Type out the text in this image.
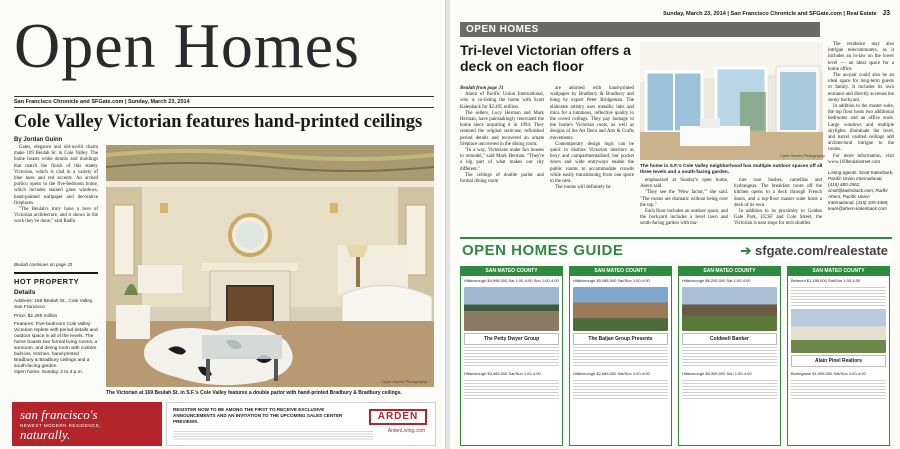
Open Homes
San Francisco Chronicle and SFGate.com | Sunday, March 23, 2014
Cole Valley Victorian features hand-printed ceilings
By Jordan Guinn

Gates, elegance and old-world charm make 169 Beulah St. in Cole Valley. The home boasts white dentils and moldings that match the finish of this stately Victorian, which is clad in a variety of blue hues and red accents. An arched portico opens to the five-bedroom home, which includes stained glass windows, hand-painted wallpaper and decorative fireplaces.

"The Beulah's truly have a love of Victorian architecture, and it shows in the work they've done," said Radhi

Beulah continues on page J3
HOT PROPERTY
Details
Address: 169 Beulah St., Cole Valley, San Francisco
Price: $2.495 million
Features: Five-bedroom Cole Valley Victorian replete with period details and outdoor space in all of the levels. The home boasts two formal living rooms, a sunroom, and dining room with custom built-ins. Kitchen, hand-printed Bradbury & Bradbury ceilings and a south-facing garden.
Open home: Sunday, 2 to 4 p.m.
Open Homes Photography
The Victorian at 169 Beulah St. in S.F.'s Cole Valley features a double parlor with hand-printed Bradbury & Bradbury ceilings.
san francisco's
NEWEST MODERN RESIDENCE,
naturally.
REGISTER NOW TO BE AMONG THE FIRST TO RECEIVE EXCLUSIVE ANNOUNCEMENTS AND AN INVITATION TO THE UPCOMING SALES CENTER PREVIEWS.	ARDEN
ArdenLiving.com
Sunday, March 23, 2014 | San Francisco Chronicle and SFGate.com | Real Estate J3
OPEN HOMES
Tri-level Victorian offers a deck on each floor
Beulah from page J1

Ahern of Pacific Union International, who is co-listing the home with Scott Kalenback for $2.495 million.

The sellers, Lucy Herman and Mark Herman, have painstakingly renovated the home since acquiring it in 1994. They restored the original staircase, refinished period details and recovered an ornate fireplace uncovered in the dining room.

"In a way, Victorians make fun houses to remodel," said Mark Herman. "They're a big part of what makes our city different."

The ceilings of double parlor and formal dining room

are adorned with hand-printed wallpaper by Bradbury & Bradbury and hung by expert Peter Bridgeman. The elaborate artistry uses metallic inks and mica for a luminous, reflective quality to the coved ceilings. They pay homage to the home's Victorian roots, as well as designs of the Art Deco and Arts & Crafts movements.

Contemporary design logic can be quick to dismiss Victorian interiors as boxy and compartmentalized, but pocket doors and wide entryways enable the public rooms to accommodate crowds while easily transitioning from one space to the next.

The rooms will definitely be

Open Homes Photography
The home in S.F.'s Cole Valley neighborhood has multiple outdoor spaces off all three levels and a south-facing garden.

emphasized at Sunday's open home, Ahern said.

"They see the 'Wow factor,'" she said. "The rooms are dramatic without being over the top."

Each floor includes an outdoor space, and the backyard includes a level lawn and south-facing garden with ma-

ture rose bushes, camellias and hydrangeas. The breakfast room off the kitchen opens to a deck through French doors, and a top-floor master suite hosts a deck of its own.

In addition to its proximity to Golden Gate Park, UCSF and Cole Street, the Victorian is near stops for tech shuttles.

The residence may also intrigue telecommuters, as it includes an in-law on the lower level — an ideal space for a home office.

The au-pair could also be an ideal space for long-term guests or family. It includes its own entrance and directly accesses the sunny backyard.

In addition to the master suite, the top floor hosts two additional bedrooms and an office nook. Large windows and multiple skylights illuminate the level, and barrel vaulted ceilings add architectural intrigue to the rooms.

For more information, visit www.169beulahstreet.com

Listing agents: Scott Kalenback, Pacific Union International, (415) 480-2562, scott@kalenback.com; Radhi Ahern, Pacific Union International, (415) 335-4485, team@ahern-kalenback.com
OPEN HOMES GUIDE	➔ sfgate.com/realestate
SAN MATEO COUNTY
Hillsborough $4,998,000 Sat 1:00-4:00 Sun 1:00-4:00
The Petty Dwyer Group
Hillsborough $3,985,000 Sat/Sun 1:00-4:00
SAN MATEO COUNTY
Hillsborough $5,088,000 Sat/Sun 1:00-4:00
The Baljan Group Presents
Hillsborough $2,685,000 Sat/Sun 1:00-4:00
SAN MATEO COUNTY
Hillsborough $6,295,000 Sat 1:00-4:00
Coldwell Banker
Hillsborough $8,395,000 Sun 1:00-4:00
SAN MATEO COUNTY
Belmont $1,195,000 Sat/Sun 1:00-4:00
Alain Pinel Realtors
Burlingame $1,498,000 Sat/Sun 1:00-4:00
